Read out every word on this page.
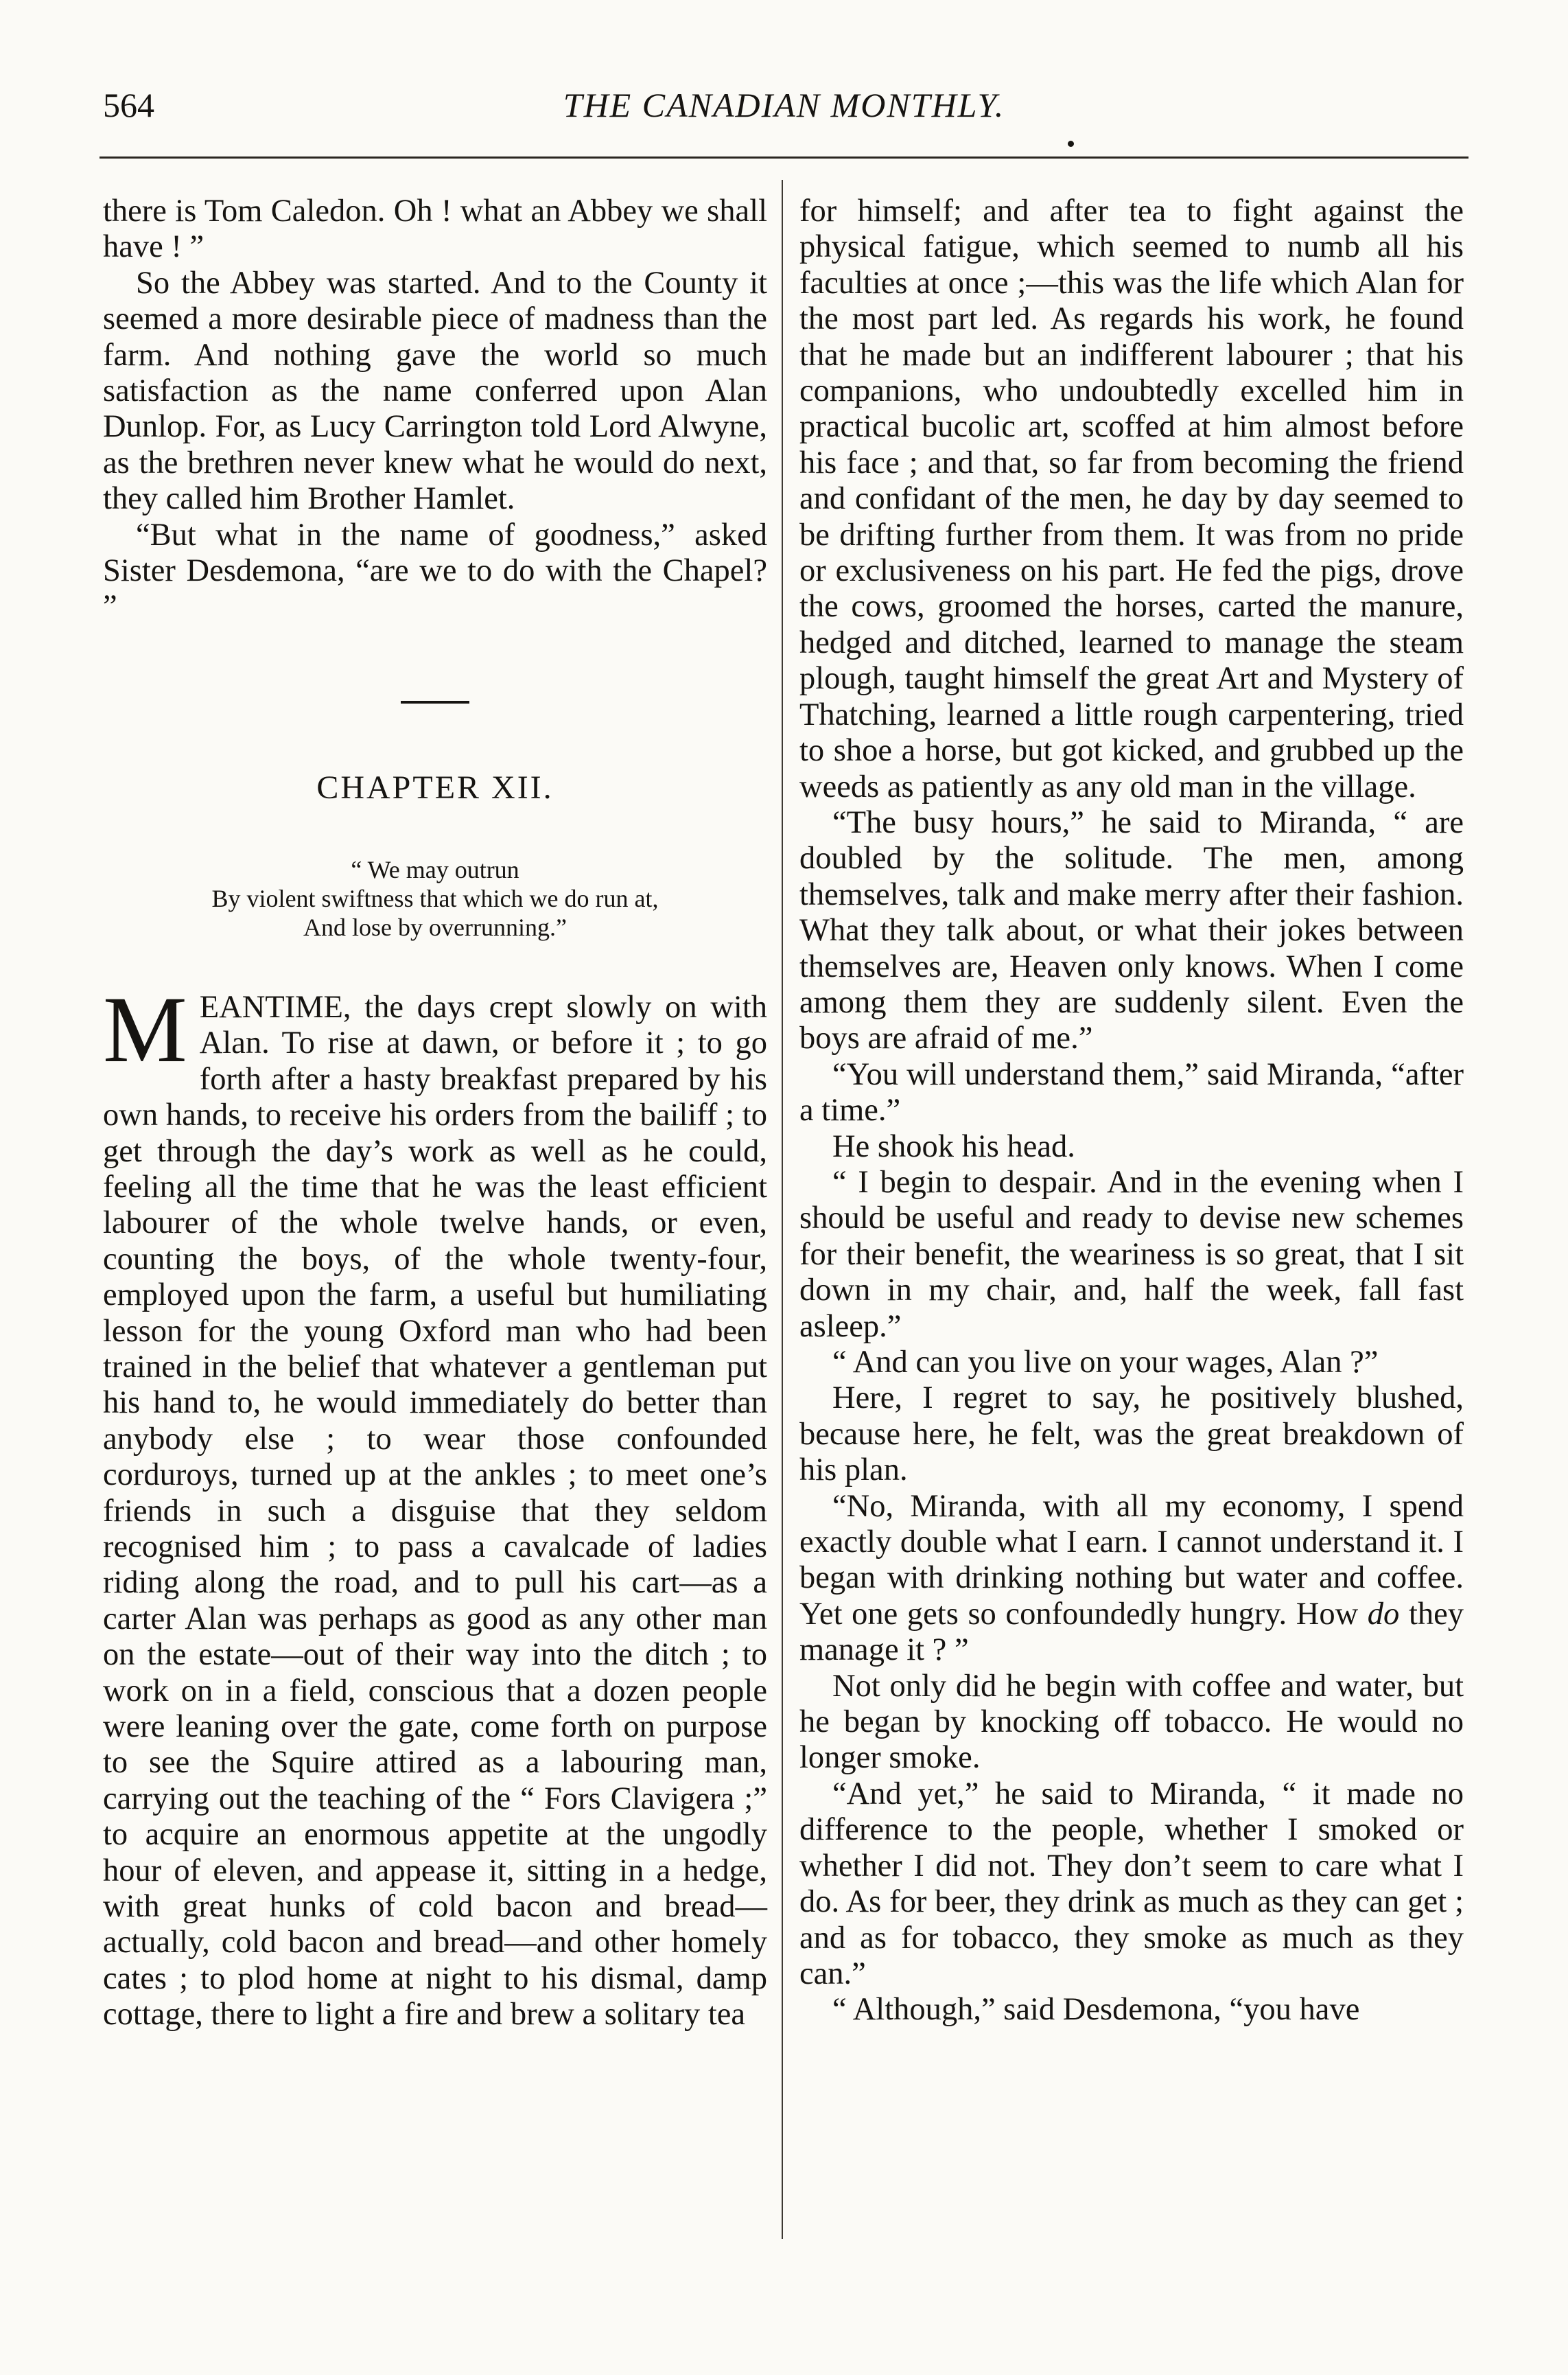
564	THE CANADIAN MONTHLY.

there is Tom Caledon. Oh ! what an Abbey we shall have ! ”

So the Abbey was started. And to the County it seemed a more desirable piece of madness than the farm. And nothing gave the world so much satisfaction as the name conferred upon Alan Dunlop. For, as Lucy Carrington told Lord Alwyne, as the brethren never knew what he would do next, they called him Brother Hamlet.

“But what in the name of goodness,” asked Sister Desdemona, “are we to do with the Chapel? ”

CHAPTER XII.
“ We may outrun
By violent swiftness that which we do run at,
And lose by overrunning.”

MEANTIME, the days crept slowly on with Alan. To rise at dawn, or before it ; to go forth after a hasty breakfast prepared by his own hands, to receive his orders from the bailiff ; to get through the day’s work as well as he could, feeling all the time that he was the least efficient labourer of the whole twelve hands, or even, counting the boys, of the whole twenty-four, employed upon the farm, a useful but humiliating lesson for the young Oxford man who had been trained in the belief that whatever a gentleman put his hand to, he would immediately do better than anybody else ; to wear those confounded corduroys, turned up at the ankles ; to meet one’s friends in such a disguise that they seldom recognised him ; to pass a cavalcade of ladies riding along the road, and to pull his cart—as a carter Alan was perhaps as good as any other man on the estate—out of their way into the ditch ; to work on in a field, conscious that a dozen people were leaning over the gate, come forth on purpose to see the Squire attired as a labouring man, carrying out the teaching of the “ Fors Clavigera ;” to acquire an enormous appetite at the ungodly hour of eleven, and appease it, sitting in a hedge, with great hunks of cold bacon and bread—actually, cold bacon and bread—and other homely cates ; to plod home at night to his dismal, damp cottage, there to light a fire and brew a solitary tea

for himself; and after tea to fight against the physical fatigue, which seemed to numb all his faculties at once ;—this was the life which Alan for the most part led. As regards his work, he found that he made but an indifferent labourer ; that his companions, who undoubtedly excelled him in practical bucolic art, scoffed at him almost before his face ; and that, so far from becoming the friend and confidant of the men, he day by day seemed to be drifting further from them. It was from no pride or exclusiveness on his part. He fed the pigs, drove the cows, groomed the horses, carted the manure, hedged and ditched, learned to manage the steam plough, taught himself the great Art and Mystery of Thatching, learned a little rough carpentering, tried to shoe a horse, but got kicked, and grubbed up the weeds as patiently as any old man in the village.

“The busy hours,” he said to Miranda, “ are doubled by the solitude. The men, among themselves, talk and make merry after their fashion. What they talk about, or what their jokes between themselves are, Heaven only knows. When I come among them they are suddenly silent. Even the boys are afraid of me.”

“You will understand them,” said Miranda, “after a time.”

He shook his head.

“ I begin to despair. And in the evening when I should be useful and ready to devise new schemes for their benefit, the weariness is so great, that I sit down in my chair, and, half the week, fall fast asleep.”

“ And can you live on your wages, Alan ?”

Here, I regret to say, he positively blushed, because here, he felt, was the great breakdown of his plan.

“No, Miranda, with all my economy, I spend exactly double what I earn. I cannot understand it. I began with drinking nothing but water and coffee. Yet one gets so confoundedly hungry. How do they manage it ? ”

Not only did he begin with coffee and water, but he began by knocking off tobacco. He would no longer smoke.

“And yet,” he said to Miranda, “ it made no difference to the people, whether I smoked or whether I did not. They don’t seem to care what I do. As for beer, they drink as much as they can get ; and as for tobacco, they smoke as much as they can.”

“ Although,” said Desdemona, “you have
